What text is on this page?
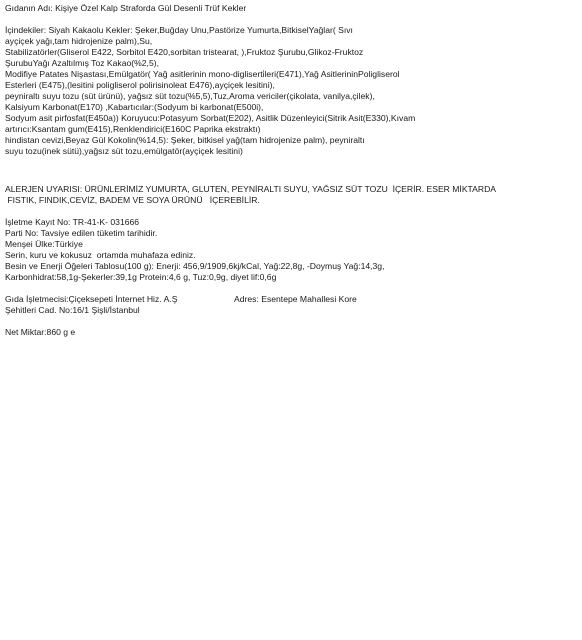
Gıdanın Adı: Kişiye Özel Kalp Straforda Gül Desenli Trüf Kekler
İçindekiler: Siyah Kakaolu Kekler: Şeker,Buğday Unu,Pastörize Yumurta,BitkiselYağlar( Sıvı
ayçiçek yağı,tam hidrojenize palm),Su,
Stabilizatörler(Gliserol E422, Sorbitol E420,sorbitan tristearat, ),Fruktoz Şurubu,Glikoz-Fruktoz
ŞurubuYağı Azaltılmış Toz Kakao(%2,5),
Modifiye Patates Nişastası,Emülgatör( Yağ asitlerinin mono-digliserti̇leri(E471),Yağ AsitlerininPoligliserol
Esterleri (E475),(lesitini poligliserol polirisinoleat E476),ayçiçek lesitini),
peyniraltı suyu tozu (süt ürünü), yağsız süt tozu(%5,5),Tuz,Aroma vericiler(çikolata, vanilya,çilek),
Kalsiyum Karbonat(E170) ,Kabartıcılar:(Sodyum bi karbonat(E500i),
Sodyum asit pirfosfat(E450a)) Koruyucu:Potasyum Sorbat(E202), Asitlik Düzenleyici(Sitrik Asit(E330),Kıvam
artırıcı:Ksantam gum(E415),Renklendirici(E160C Paprika ekstraktı)
hindistan cevizi,Beyaz Gül Kokolin(%14,5): Şeker, bitkisel yağ(tam hidrojenize palm), peyniraltı
suyu tozu(inek sütü),yağsız süt tozu,emülgatör(ayçiçek lesitini)
ALERJEN UYARISI: ÜRÜNLERİMİZ YUMURTA, GLUTEN, PEYNİRALTI SUYU, YAĞSIZ SÜT TOZU  İÇERİR. ESER MİKTARDA
FISTIK, FINDIK,CEVİZ, BADEM VE SOYA ÜRÜNÜ   İÇEREBİLİR.
İşletme Kayıt No: TR-41-K- 031666
Parti No: Tavsiye edilen tüketim tarihidir.
Menşei Ülke:Türkiye
Serin, kuru ve kokusuz  ortamda muhafaza ediniz.
Besin ve Enerji Öğeleri Tablosu(100 g): Enerji: 456,9/1909,6kj/kCal, Yağ:22,8g, -Doymuş Yağ:14,3g,
Karbonhidrat:58,1g-Şekerler:39,1g Protein:4,6 g, Tuz:0,9g, diyet lif:0,6g
Gıda İşletmecisi:Çiçeksepeti İnternet Hiz. A.Ş	Adres: Esentepe Mahallesi Kore
Şehitleri Cad. No:16/1 Şişli/İstanbul
Net Miktar:860 g e
